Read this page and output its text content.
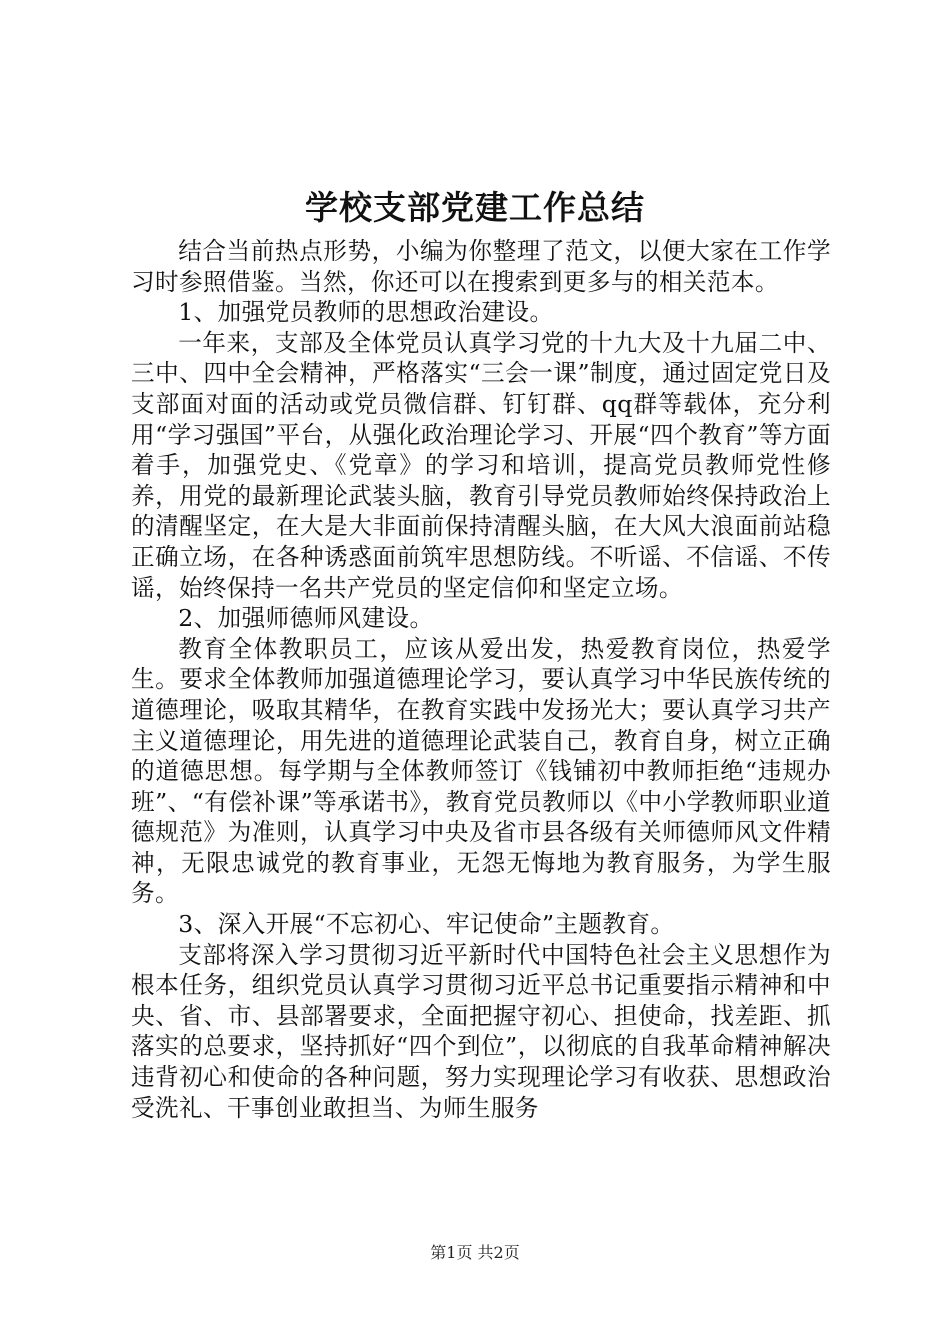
学校支部党建工作总结

结合当前热点形势，小编为你整理了范文，以便大家在工作学习时参照借鉴。当然，你还可以在搜索到更多与的相关范本。

1、加强党员教师的思想政治建设。

一年来，支部及全体党员认真学习党的十九大及十九届二中、三中、四中全会精神，严格落实“三会一课”制度，通过固定党日及支部面对面的活动或党员微信群、钉钉群、qq群等载体，充分利用“学习强国”平台，从强化政治理论学习、开展“四个教育”等方面着手，加强党史、《党章》的学习和培训，提高党员教师党性修养，用党的最新理论武装头脑，教育引导党员教师始终保持政治上的清醒坚定，在大是大非面前保持清醒头脑，在大风大浪面前站稳正确立场，在各种诱惑面前筑牢思想防线。不听谣、不信谣、不传谣，始终保持一名共产党员的坚定信仰和坚定立场。

2、加强师德师风建设。

教育全体教职员工，应该从爱出发，热爱教育岗位，热爱学生。要求全体教师加强道德理论学习，要认真学习中华民族传统的道德理论，吸取其精华，在教育实践中发扬光大；要认真学习共产主义道德理论，用先进的道德理论武装自己，教育自身，树立正确的道德思想。每学期与全体教师签订《钱铺初中教师拒绝“违规办班”、“有偿补课”等承诺书》，教育党员教师以《中小学教师职业道德规范》为准则，认真学习中央及省市县各级有关师德师风文件精神，无限忠诚党的教育事业，无怨无悔地为教育服务，为学生服务。

3、深入开展“不忘初心、牢记使命”主题教育。

支部将深入学习贯彻习近平新时代中国特色社会主义思想作为根本任务，组织党员认真学习贯彻习近平总书记重要指示精神和中央、省、市、县部署要求，全面把握守初心、担使命，找差距、抓落实的总要求，坚持抓好“四个到位”，以彻底的自我革命精神解决违背初心和使命的各种问题，努力实现理论学习有收获、思想政治受洗礼、干事创业敢担当、为师生服务

第1页 共2页
